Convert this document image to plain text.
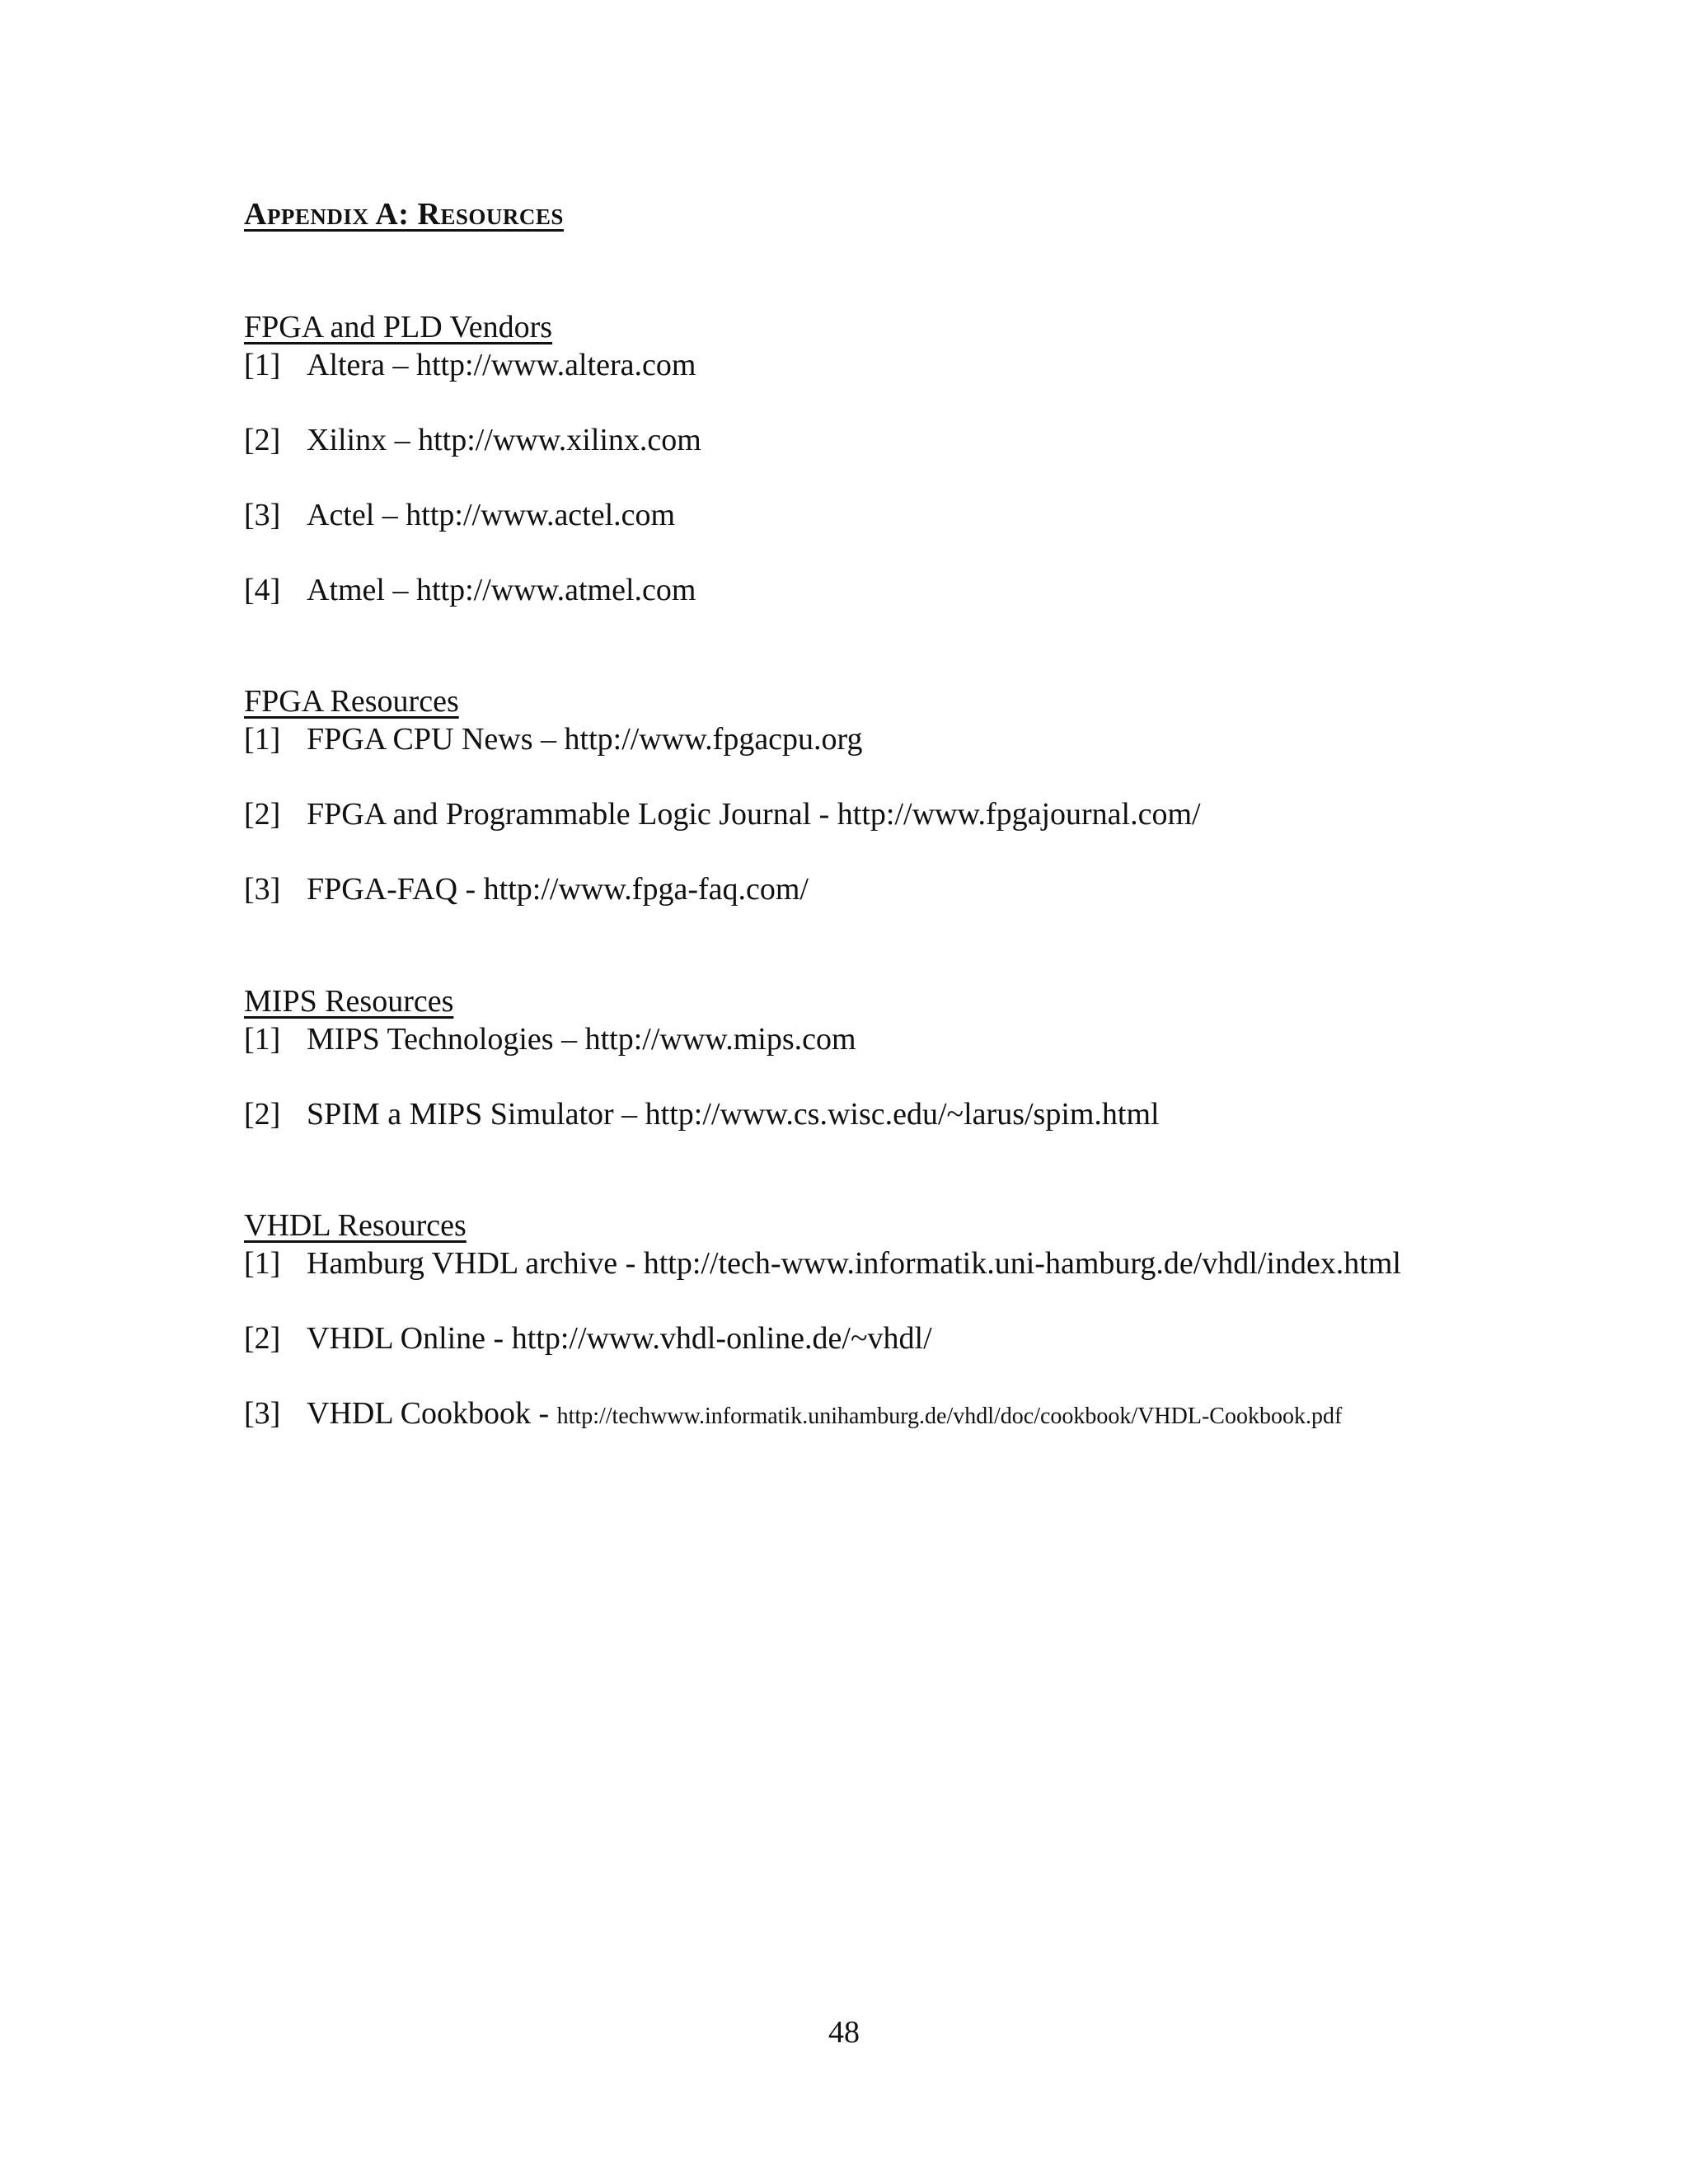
Appendix A: Resources
FPGA and PLD Vendors
[1] Altera – http://www.altera.com
[2] Xilinx – http://www.xilinx.com
[3] Actel – http://www.actel.com
[4] Atmel – http://www.atmel.com
FPGA Resources
[1] FPGA CPU News – http://www.fpgacpu.org
[2] FPGA and Programmable Logic Journal - http://www.fpgajournal.com/
[3] FPGA-FAQ - http://www.fpga-faq.com/
MIPS Resources
[1] MIPS Technologies – http://www.mips.com
[2] SPIM a MIPS Simulator – http://www.cs.wisc.edu/~larus/spim.html
VHDL Resources
[1] Hamburg VHDL archive - http://tech-www.informatik.uni-hamburg.de/vhdl/index.html
[2] VHDL Online - http://www.vhdl-online.de/~vhdl/
[3] VHDL Cookbook - http://techwww.informatik.unihamburg.de/vhdl/doc/cookbook/VHDL-Cookbook.pdf
48
